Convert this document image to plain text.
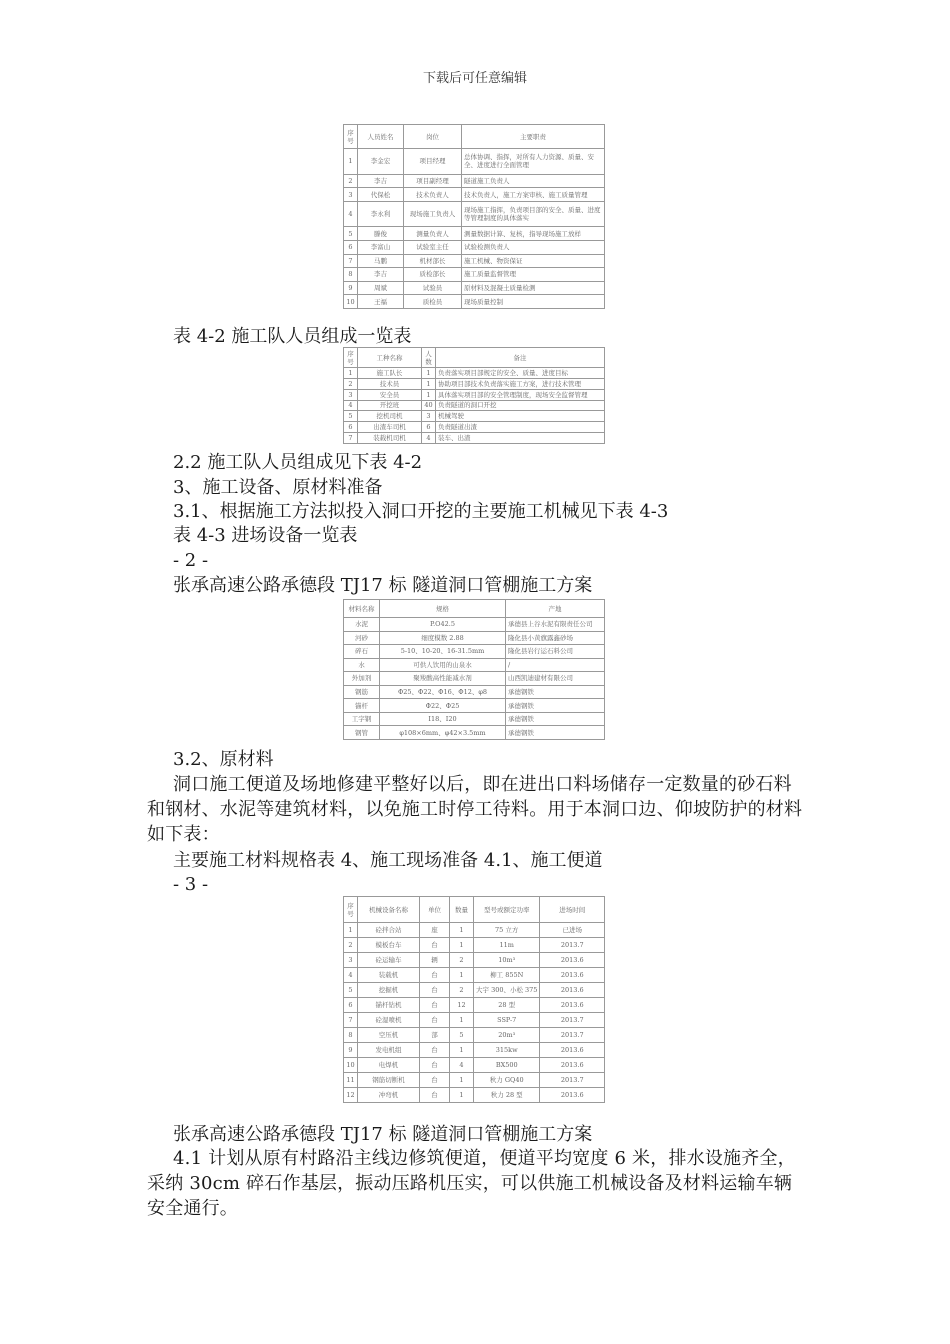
下载后可任意编辑
序号	人员姓名	岗位	主要职责
1	李金宏	项目经理	总体协调、指挥，对所有人力资源、质量、安全、进度进行全面管理
2	李吉	项目副经理	隧道施工负责人
3	代保松	技术负责人	技术负责人，施工方案审核、施工质量管理
4	李永利	现场施工负责人	现场施工指挥，负责项目部的安全、质量、进度等管理制度的具体落实
5	滕俊	测量负责人	测量数据计算、复核，指导现场施工放样
6	李富山	试验室主任	试验检测负责人
7	马鹏	机材部长	施工机械、物资保证
8	李吉	质检部长	施工质量监督管理
9	周斌	试验员	原材料及混凝土质量检测
10	王福	质检员	现场质量控制
表 4-2 施工队人员组成一览表
序号	工种名称	人数	备注
1	施工队长	1	负责落实项目部规定的安全、质量、进度目标
2	技术员	1	协助项目部技术负责落实施工方案，进行技术管理
3	安全员	1	具体落实项目部的安全管理制度，现场安全监督管理
4	开挖班	40	负责隧道的洞口开挖
5	挖机司机	3	机械驾驶
6	出渣车司机	6	负责隧道出渣
7	装载机司机	4	装车、出渣
2.2 施工队人员组成见下表 4-2
3、施工设备、原材料准备
3.1、根据施工方法拟投入洞口开挖的主要施工机械见下表 4-3
表 4-3 进场设备一览表
- 2 -
张承高速公路承德段 TJ17 标 隧道洞口管棚施工方案
材料名称	规格	产地
水泥	P.O42.5	承德县上谷水泥有限责任公司
河砂	细度模数 2.88	隆化县小黄旗露鑫砂场
碎石	5-10、10-20、16-31.5mm	隆化县岩行运石料公司
水	可供人饮用的山泉水	/
外加剂	聚羧酸高性能减水剂	山西凯迪建材有限公司
钢筋	Φ25、Φ22、Φ16、Φ12、φ8	承德钢铁
锚杆	Φ22、Φ25	承德钢铁
工字钢	I18、I20	承德钢铁
钢管	φ108×6mm、φ42×3.5mm	承德钢铁
3.2、原材料
洞口施工便道及场地修建平整好以后，即在进出口料场储存一定数量的砂石料和钢材、水泥等建筑材料，以免施工时停工待料。用于本洞口边、仰坡防护的材料如下表：
主要施工材料规格表 4、施工现场准备 4.1、施工便道
- 3 -
序号	机械设备名称	单位	数量	型号或额定功率	进场时间
1	砼拌合站	座	1	75 立方	已进场
2	模板台车	台	1	11m	2013.7
3	砼运输车	辆	2	10m³	2013.6
4	装载机	台	1	柳工 855N	2013.6
5	挖掘机	台	2	大宇 300、小松 375	2013.6
6	锚杆钻机	台	12	28 型	2013.6
7	砼湿喷机	台	1	SSP-7	2013.7
8	空压机	部	5	20m³	2013.7
9	发电机组	台	1	315kw	2013.6
10	电焊机	台	4	BX500	2013.6
11	钢筋切断机	台	1	秋力 GQ40	2013.7
12	冲弯机	台	1	秋力 28 型	2013.6
张承高速公路承德段 TJ17 标 隧道洞口管棚施工方案
4.1 计划从原有村路沿主线边修筑便道，便道平均宽度 6 米，排水设施齐全，采纳 30cm 碎石作基层，振动压路机压实，可以供施工机械设备及材料运输车辆安全通行。
